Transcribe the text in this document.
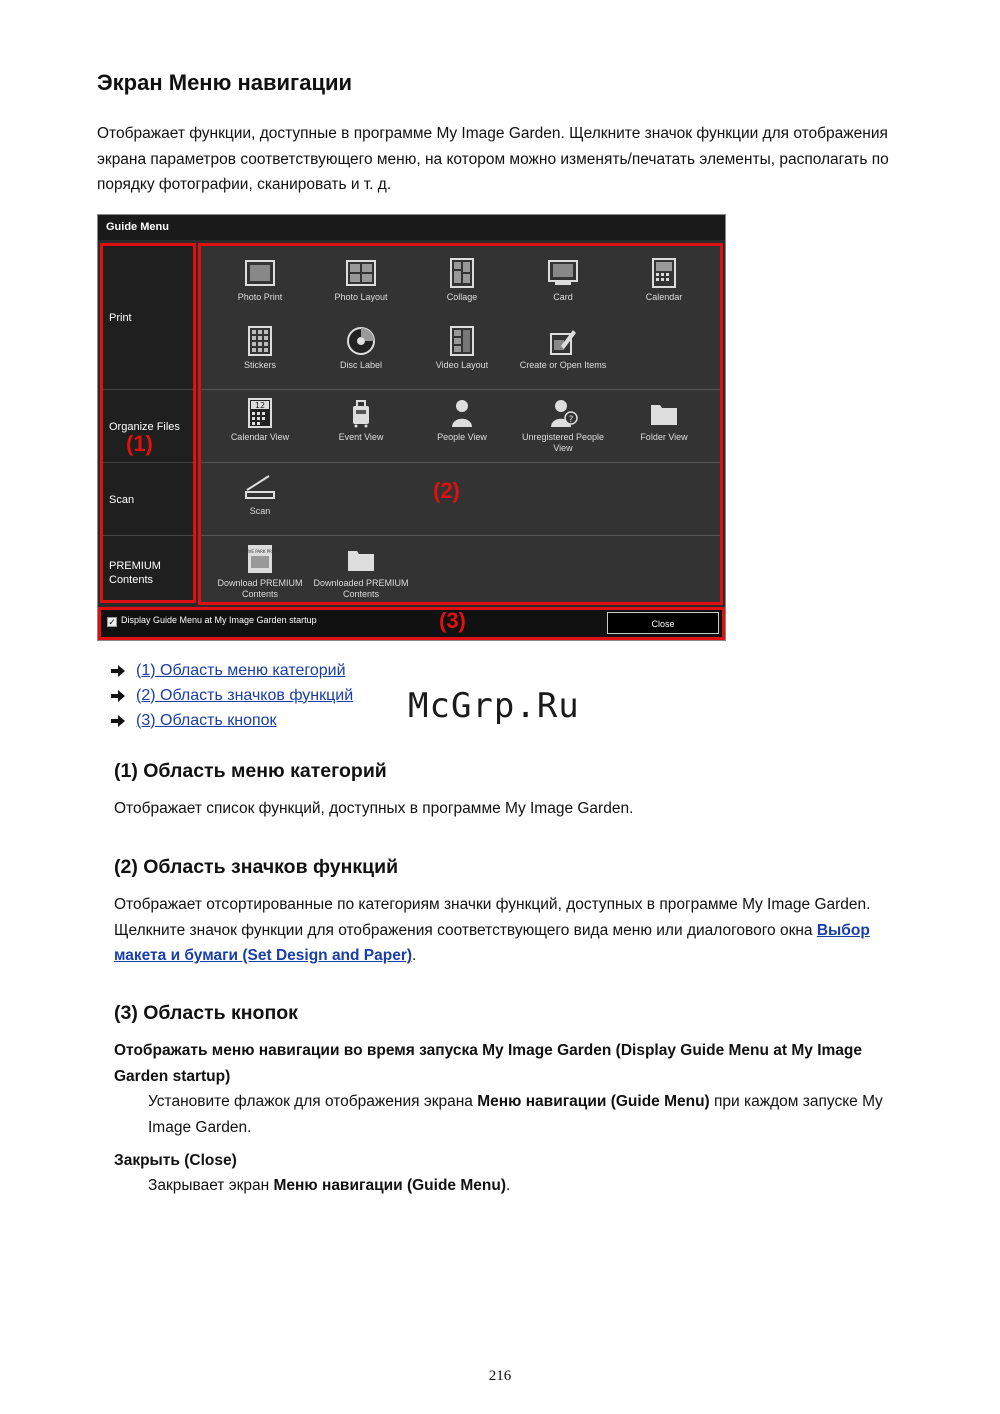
Экран Меню навигации

Отображает функции, доступные в программе My Image Garden. Щелкните значок функции для отображения экрана параметров соответствующего меню, на котором можно изменять/печатать элементы, располагать по порядку фотографии, сканировать и т. д.

Guide Menu
Print
Organize Files
Scan
PREMIUM Contents
(1)
Photo Print	Photo Layout	Collage	Card	Calendar
Stickers	Disc Label	Video Layout	Create or Open Items
12
Calendar View	Event View	People View
?
Unregistered People View
Folder View
Scan
(2)
CREATIVE PARK PREMIUM
Download PREMIUM Contents
Downloaded PREMIUM Contents
✓ Display Guide Menu at My Image Garden startup	Close
(3)
(1) Область меню категорий
(2) Область значков функций
(3) Область кнопок	McGrp.Ru
(1) Область меню категорий

Отображает список функций, доступных в программе My Image Garden.

(2) Область значков функций

Отображает отсортированные по категориям значки функций, доступных в программе My Image Garden. Щелкните значок функции для отображения соответствующего вида меню или диалогового окна Выбор макета и бумаги (Set Design and Paper).

(3) Область кнопок

Отображать меню навигации во время запуска My Image Garden (Display Guide Menu at My Image Garden startup)

Установите флажок для отображения экрана Меню навигации (Guide Menu) при каждом запуске My Image Garden.

Закрыть (Close)

Закрывает экран Меню навигации (Guide Menu).

216
